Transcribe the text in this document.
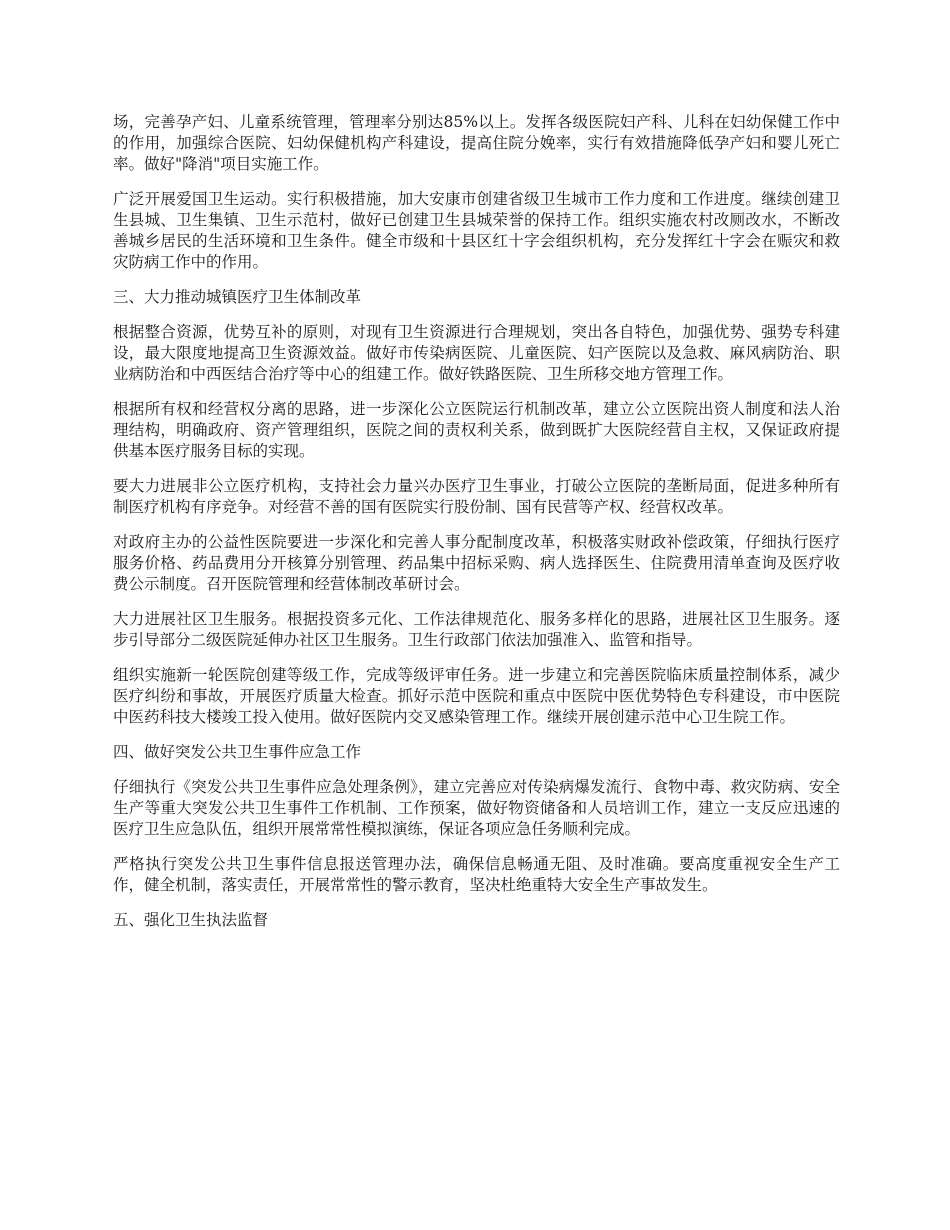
场，完善孕产妇、儿童系统管理，管理率分别达85%以上。发挥各级医院妇产科、儿科在妇幼保健工作中的作用，加强综合医院、妇幼保健机构产科建设，提高住院分娩率，实行有效措施降低孕产妇和婴儿死亡率。做好"降消"项目实施工作。

广泛开展爱国卫生运动。实行积极措施，加大安康市创建省级卫生城市工作力度和工作进度。继续创建卫生县城、卫生集镇、卫生示范村，做好已创建卫生县城荣誉的保持工作。组织实施农村改厕改水，不断改善城乡居民的生活环境和卫生条件。健全市级和十县区红十字会组织机构，充分发挥红十字会在赈灾和救灾防病工作中的作用。

三、大力推动城镇医疗卫生体制改革

根据整合资源，优势互补的原则，对现有卫生资源进行合理规划，突出各自特色，加强优势、强势专科建设，最大限度地提高卫生资源效益。做好市传染病医院、儿童医院、妇产医院以及急救、麻风病防治、职业病防治和中西医结合治疗等中心的组建工作。做好铁路医院、卫生所移交地方管理工作。

根据所有权和经营权分离的思路，进一步深化公立医院运行机制改革，建立公立医院出资人制度和法人治理结构，明确政府、资产管理组织，医院之间的责权利关系，做到既扩大医院经营自主权，又保证政府提供基本医疗服务目标的实现。

要大力进展非公立医疗机构，支持社会力量兴办医疗卫生事业，打破公立医院的垄断局面，促进多种所有制医疗机构有序竞争。对经营不善的国有医院实行股份制、国有民营等产权、经营权改革。

对政府主办的公益性医院要进一步深化和完善人事分配制度改革，积极落实财政补偿政策，仔细执行医疗服务价格、药品费用分开核算分别管理、药品集中招标采购、病人选择医生、住院费用清单查询及医疗收费公示制度。召开医院管理和经营体制改革研讨会。

大力进展社区卫生服务。根据投资多元化、工作法律规范化、服务多样化的思路，进展社区卫生服务。逐步引导部分二级医院延伸办社区卫生服务。卫生行政部门依法加强准入、监管和指导。

组织实施新一轮医院创建等级工作，完成等级评审任务。进一步建立和完善医院临床质量控制体系，减少医疗纠纷和事故，开展医疗质量大检查。抓好示范中医院和重点中医院中医优势特色专科建设，市中医院中医药科技大楼竣工投入使用。做好医院内交叉感染管理工作。继续开展创建示范中心卫生院工作。

四、做好突发公共卫生事件应急工作

仔细执行《突发公共卫生事件应急处理条例》，建立完善应对传染病爆发流行、食物中毒、救灾防病、安全生产等重大突发公共卫生事件工作机制、工作预案，做好物资储备和人员培训工作，建立一支反应迅速的医疗卫生应急队伍，组织开展常常性模拟演练，保证各项应急任务顺利完成。

严格执行突发公共卫生事件信息报送管理办法，确保信息畅通无阻、及时准确。要高度重视安全生产工作，健全机制，落实责任，开展常常性的警示教育，坚决杜绝重特大安全生产事故发生。

五、强化卫生执法监督
